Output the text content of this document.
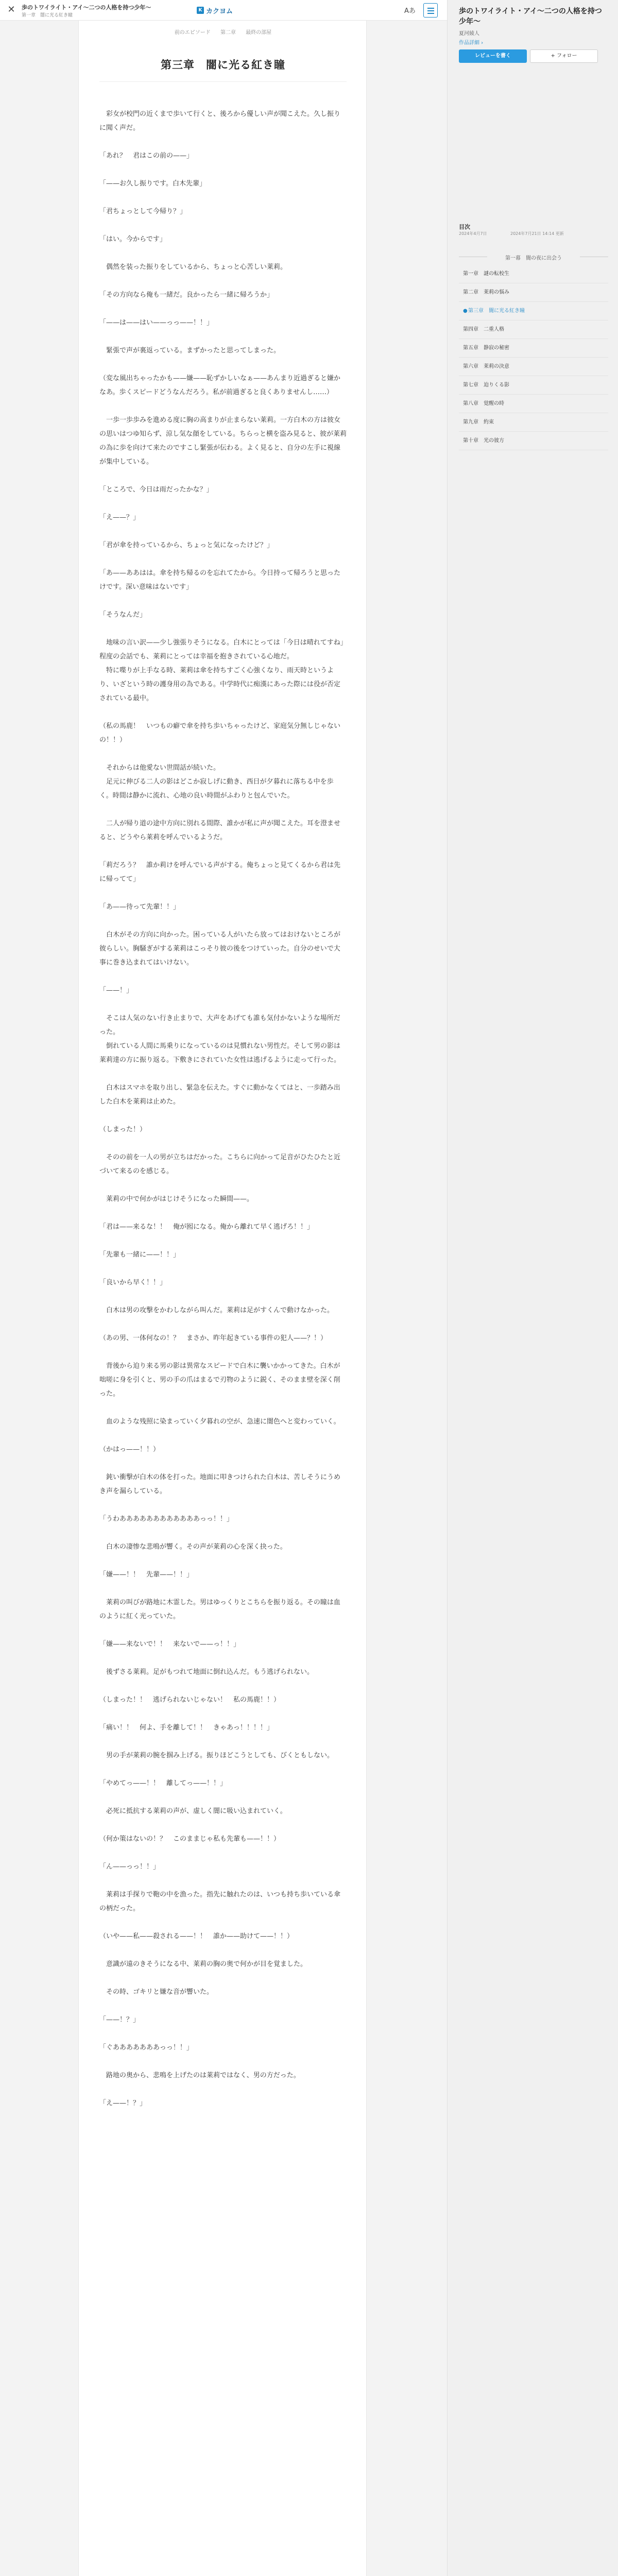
✕ 歩のトワイライト・アイ〜二つの人格を持つ少年〜
第一章　闇に光る紅き瞳
K カクヨム	Aあ
前のエピソード 第二章 最終の部屋
第三章　闇に光る紅き瞳

　彩女が校門の近くまで歩いて行くと、後ろから優しい声が聞こえた。久し振りに聞く声だ。

「あれ？　君はこの前の——」

「——お久し振りです。白木先輩」

「君ちょっとして今帰り？」

「はい。今からです」

　偶然を装った振りをしているから、ちょっと心苦しい莱莉。

「その方向なら俺も一緒だ。良かったら一緒に帰ろうか」

「——は——はい——っっ——！！」

　緊張で声が裏返っている。まずかったと思ってしまった。

（変な風出ちゃったかも——嫌——恥ずかしいなぁ——あんまり近過ぎると嫌かなあ。歩くスピードどうなんだろう。私が前過ぎると良くありませんし……）

　一歩一歩歩みを進める度に胸の高まりが止まらない莱莉。一方白木の方は彼女の思いはつゆ知らず、涼し気な顔をしている。ちらっと横を盗み見ると、彼が莱莉の為に歩を向けて来たのですこし緊張が伝わる。よく見ると、自分の左手に視線が集中している。

「ところで、今日は雨だったかな？」

「え——？」

「君が傘を持っているから、ちょっと気になったけど？」

「あ——ああはは。傘を持ち帰るのを忘れてたから。今日持って帰ろうと思ったけです。深い意味はないです」

「そうなんだ」

　地味の言い訳——少し強張りそうになる。白木にとっては「今日は晴れてすね」程度の会話でも、莱莉にとっては幸福を抱きされている心地だ。
　特に喋りが上手なる時、莱莉は傘を持ちすごく心強くなり、雨天時というより、いざという時の護身用の為である。中学時代に痴漢にあった際には役が否定されている最中。

（私の馬鹿！　いつもの癖で傘を持ち歩いちゃったけど、家庭気分無しじゃないの！！）

　それからは他愛ない世間話が続いた。
　足元に伸びる二人の影はどこか寂しげに動き、西日が夕暮れに落ちる中を歩く。時間は静かに流れ、心地の良い時間がふわりと包んでいた。

　二人が帰り道の途中方向に別れる間際、誰かが私に声が聞こえた。耳を澄ませると、どうやら莱莉を呼んでいるようだ。

「莉だろう？　誰か莉けを呼んでいる声がする。俺ちょっと見てくるから君は先に帰ってて」

「あ——待って先輩！！」

　白木がその方向に向かった。困っている人がいたら放ってはおけないところが彼らしい。胸騒ぎがする莱莉はこっそり彼の後をつけていった。自分のせいで大事に巻き込まれてはいけない。

「——！」

　そこは人気のない行き止まりで、大声をあげても誰も気付かないような場所だった。
　倒れている人間に馬乗りになっているのは見慣れない男性だ。そして男の影は莱莉達の方に振り返る。下敷きにされていた女性は逃げるように走って行った。

　白木はスマホを取り出し、緊急を伝えた。すぐに動かなくてはと、一歩踏み出した白木を莱莉は止めた。

（しまった！）

　そのの前を一人の男が立ちはだかった。こちらに向かって足音がひたひたと近づいて来るのを感じる。

　莱莉の中で何かがはじけそうになった瞬間——。

「君は——来るな！！　俺が囮になる。俺から離れて早く逃げろ！！」

「先輩も一緒に——！！」

「良いから早く！！」

　白木は男の攻撃をかわしながら叫んだ。莱莉は足がすくんで動けなかった。

（あの男、一体何なの！？　まさか、昨年起きている事件の犯人——？！）

　背後から迫り来る男の影は異常なスピードで白木に襲いかかってきた。白木が咄嗟に身を引くと、男の手の爪はまるで刃物のように鋭く、そのまま壁を深く削った。

　血のような残照に染まっていく夕暮れの空が、急速に闇色へと変わっていく。

（かはっ——！！）

　鈍い衝撃が白木の体を打った。地面に叩きつけられた白木は、苦しそうにうめき声を漏らしている。

「うわああああああああああああっっ！！」

　白木の凄惨な悲鳴が響く。その声が莱莉の心を深く抉った。

「嫌——！！　先輩——！！」

　莱莉の叫びが路地に木霊した。男はゆっくりとこちらを振り返る。その瞳は血のように紅く光っていた。

「嫌——来ないで！！　来ないで——っ！！」

　後ずさる莱莉。足がもつれて地面に倒れ込んだ。もう逃げられない。

（しまった！！　逃げられないじゃない！　私の馬鹿！！）

「痛い！！　何よ、手を離して！！　きゃあっ！！！！」

　男の手が莱莉の腕を掴み上げる。振りほどこうとしても、びくともしない。

「やめてっ——！！　離してっ——！！」

　必死に抵抗する莱莉の声が、虚しく闇に吸い込まれていく。

（何か策はないの！？　このままじゃ私も先輩も——！！）

「ん——っっ！！」

　莱莉は手探りで鞄の中を漁った。指先に触れたのは、いつも持ち歩いている傘の柄だった。

（いや——私——殺される——！！　誰か——助けて——！！）

　意識が遠のきそうになる中、莱莉の胸の奥で何かが目を覚ました。

　その時、ゴキリと嫌な音が響いた。

「——！？」

「ぐあああああああっっ！！」

　路地の奥から、悲鳴を上げたのは莱莉ではなく、男の方だった。

「え——！？」

歩のトワイライト・アイ〜二つの人格を持つ少年〜
夏河綾人
作品詳細 ›
レビューを書く	+ フォロー
目次
2024年4月7日	2024年7月21日 14:14 更新
第一幕　闇の夜に出会う
第一章　謎の転校生
第二章　莱莉の悩み
●第三章　闇に光る紅き瞳
第四章　二重人格
第五章　静寂の秘密
第六章　莱莉の決意
第七章　迫りくる影
第八章　覚醒の時
第九章　約束
第十章　光の彼方
